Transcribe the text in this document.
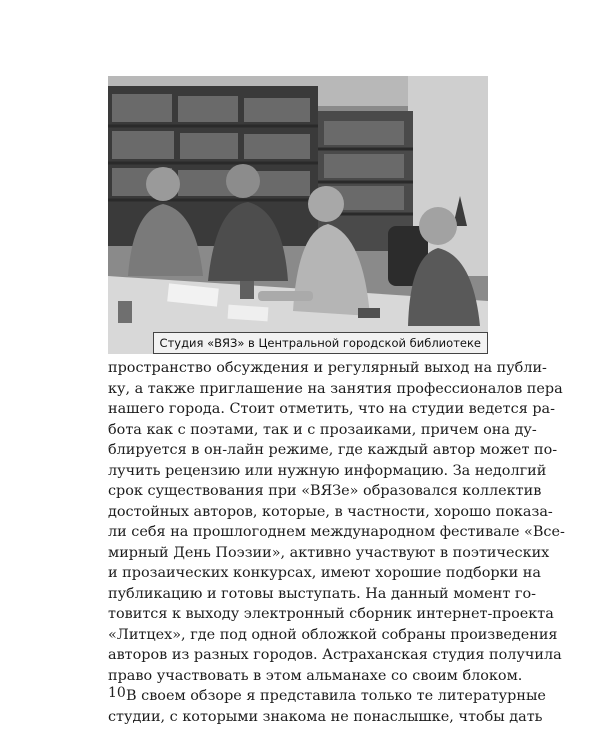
Студия «ВЯЗ» в Центральной городской библиотеке
пространство обсуждения и регулярный выход на публи-
ку, а также приглашение на занятия профессионалов пера
нашего города. Стоит отметить, что на студии ведется ра-
бота как с поэтами, так и с прозаиками, причем она ду-
блируется в он-лайн режиме, где каждый автор может по-
лучить рецензию или нужную информацию. За недолгий
срок существования при «ВЯЗе» образовался коллектив
достойных авторов, которые, в частности, хорошо показа-
ли себя на прошлогоднем международном фестивале «Все-
мирный День Поэзии», активно участвуют в поэтических
и прозаических конкурсах, имеют хорошие подборки на
публикацию и готовы выступать. На данный момент го-
товится к выходу электронный сборник интернет-проекта
«Литцех», где под одной обложкой собраны произведения
авторов из разных городов. Астраханская студия получила
право участвовать в этом альманахе со своим блоком.
В своем обзоре я представила только те литературные
студии, с которыми знакома не понаслышке, чтобы дать
10
